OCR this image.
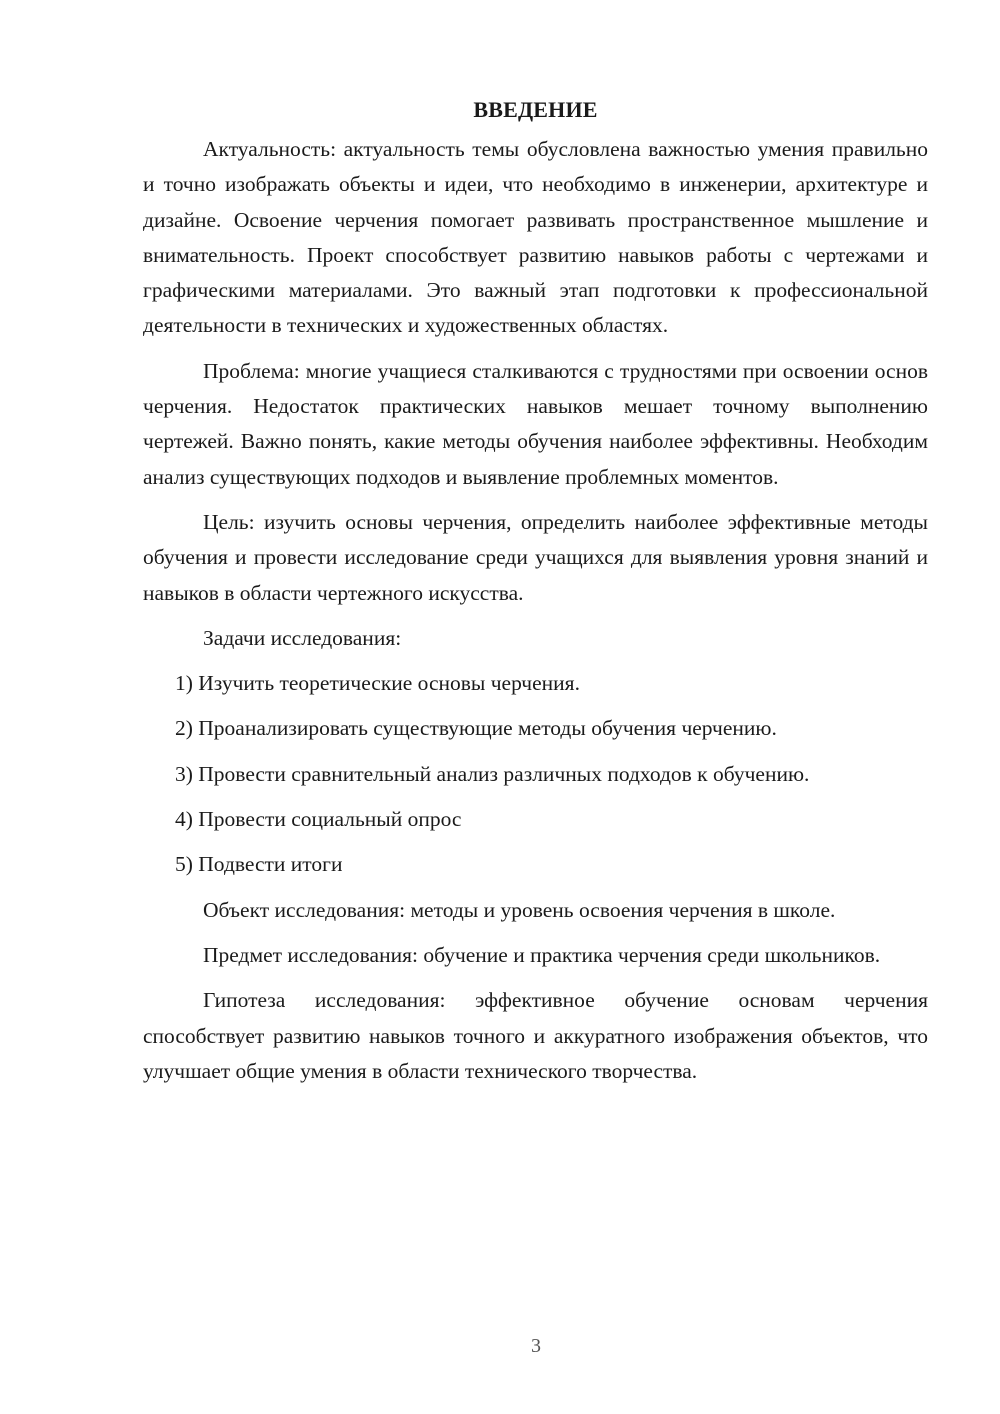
ВВЕДЕНИЕ

Актуальность: актуальность темы обусловлена важностью умения правильно и точно изображать объекты и идеи, что необходимо в инженерии, архитектуре и дизайне. Освоение черчения помогает развивать пространственное мышление и внимательность. Проект способствует развитию навыков работы с чертежами и графическими материалами. Это важный этап подготовки к профессиональной деятельности в технических и художественных областях.

Проблема: многие учащиеся сталкиваются с трудностями при освоении основ черчения. Недостаток практических навыков мешает точному выполнению чертежей. Важно понять, какие методы обучения наиболее эффективны. Необходим анализ существующих подходов и выявление проблемных моментов.

Цель: изучить основы черчения, определить наиболее эффективные методы обучения и провести исследование среди учащихся для выявления уровня знаний и навыков в области чертежного искусства.

Задачи исследования:

1) Изучить теоретические основы черчения.
2) Проанализировать существующие методы обучения черчению.
3) Провести сравнительный анализ различных подходов к обучению.
4) Провести социальный опрос
5) Подвести итоги

Объект исследования: методы и уровень освоения черчения в школе.

Предмет исследования: обучение и практика черчения среди школьников.

Гипотеза исследования: эффективное обучение основам черчения способствует развитию навыков точного и аккуратного изображения объектов, что улучшает общие умения в области технического творчества.

3
